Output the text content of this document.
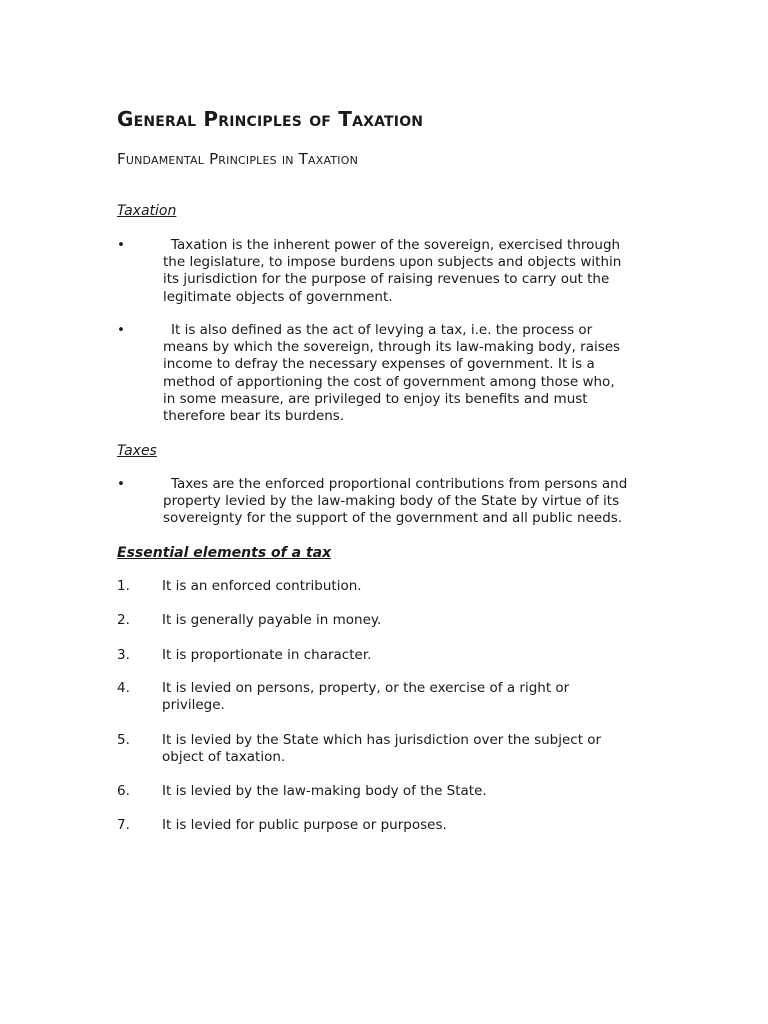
General Principles of Taxation
Fundamental Principles in Taxation
Taxation
•	Taxation is the inherent power of the sovereign, exercised through
the legislature, to impose burdens upon subjects and objects within
its jurisdiction for the purpose of raising revenues to carry out the
legitimate objects of government.

•	It is also defined as the act of levying a tax, i.e. the process or
means by which the sovereign, through its law-making body, raises
income to defray the necessary expenses of government. It is a
method of apportioning the cost of government among those who,
in some measure, are privileged to enjoy its benefits and must
therefore bear its burdens.

Taxes
•	Taxes are the enforced proportional contributions from persons and
property levied by the law-making body of the State by virtue of its
sovereignty for the support of the government and all public needs.

Essential elements of a tax
1. It is an enforced contribution.

2. It is generally payable in money.

3. It is proportionate in character.

4. It is levied on persons, property, or the exercise of a right or
privilege.

5. It is levied by the State which has jurisdiction over the subject or
object of taxation.

6. It is levied by the law-making body of the State.

7. It is levied for public purpose or purposes.
